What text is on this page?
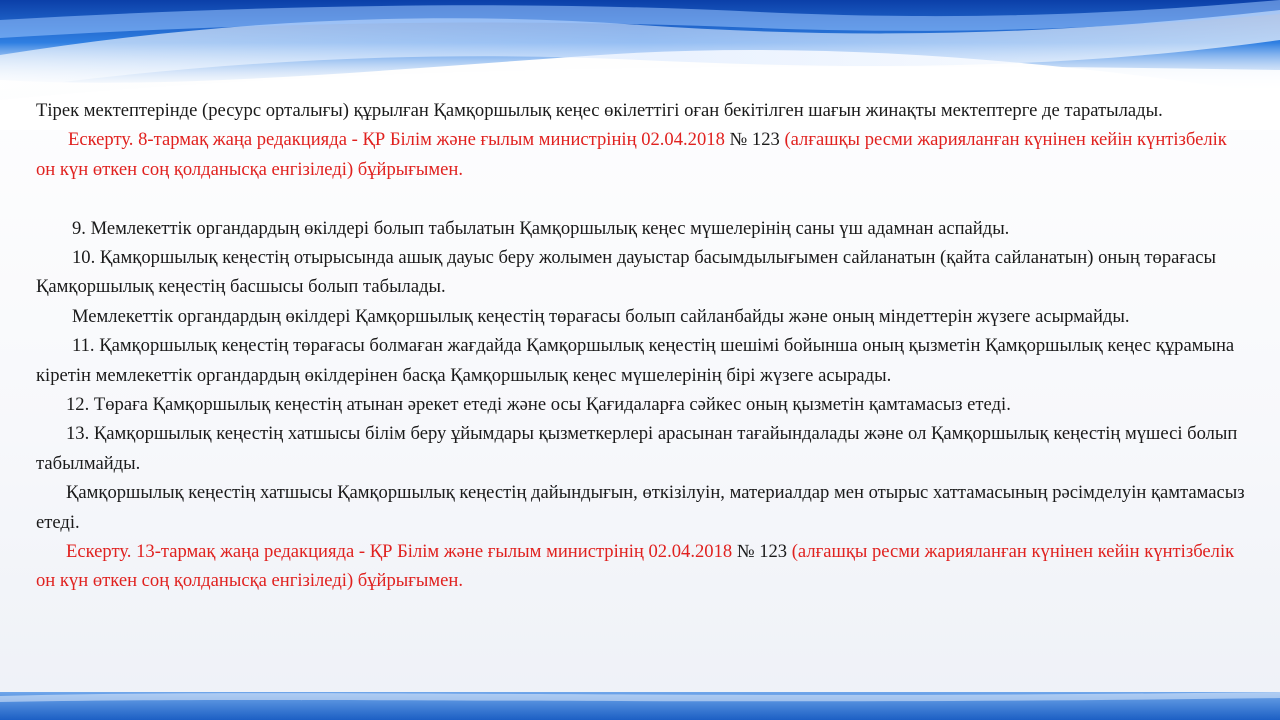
Тірек мектептерінде (ресурс орталығы) құрылған Қамқоршылық кеңес өкілеттігі оған бекітілген шағын жинақты мектептерге де таратылады.

Ескерту. 8-тармақ жаңа редакцияда - ҚР Білім және ғылым министрінің 02.04.2018 № 123 (алғашқы ресми жарияланған күнінен кейін күнтізбелік он күн өткен соң қолданысқа енгізіледі) бұйрығымен.

9. Мемлекеттік органдардың өкілдері болып табылатын Қамқоршылық кеңес мүшелерінің саны үш адамнан аспайды.

10. Қамқоршылық кеңестің отырысында ашық дауыс беру жолымен дауыстар басымдылығымен сайланатын (қайта сайланатын) оның төрағасы Қамқоршылық кеңестің басшысы болып табылады.

Мемлекеттік органдардың өкілдері Қамқоршылық кеңестің төрағасы болып сайланбайды және оның міндеттерін жүзеге асырмайды.

11. Қамқоршылық кеңестің төрағасы болмаған жағдайда Қамқоршылық кеңестің шешімі бойынша оның қызметін Қамқоршылық кеңес құрамына кіретін мемлекеттік органдардың өкілдерінен басқа Қамқоршылық кеңес мүшелерінің бірі жүзеге асырады.

12. Төраға Қамқоршылық кеңестің атынан әрекет етеді және осы Қағидаларға сәйкес оның қызметін қамтамасыз етеді.

13. Қамқоршылық кеңестің хатшысы білім беру ұйымдары қызметкерлері арасынан тағайындалады және ол Қамқоршылық кеңестің мүшесі болып табылмайды.

Қамқоршылық кеңестің хатшысы Қамқоршылық кеңестің дайындығын, өткізілуін, материалдар мен отырыс хаттамасының рәсімделуін қамтамасыз етеді.

Ескерту. 13-тармақ жаңа редакцияда - ҚР Білім және ғылым министрінің 02.04.2018 № 123 (алғашқы ресми жарияланған күнінен кейін күнтізбелік он күн өткен соң қолданысқа енгізіледі) бұйрығымен.
